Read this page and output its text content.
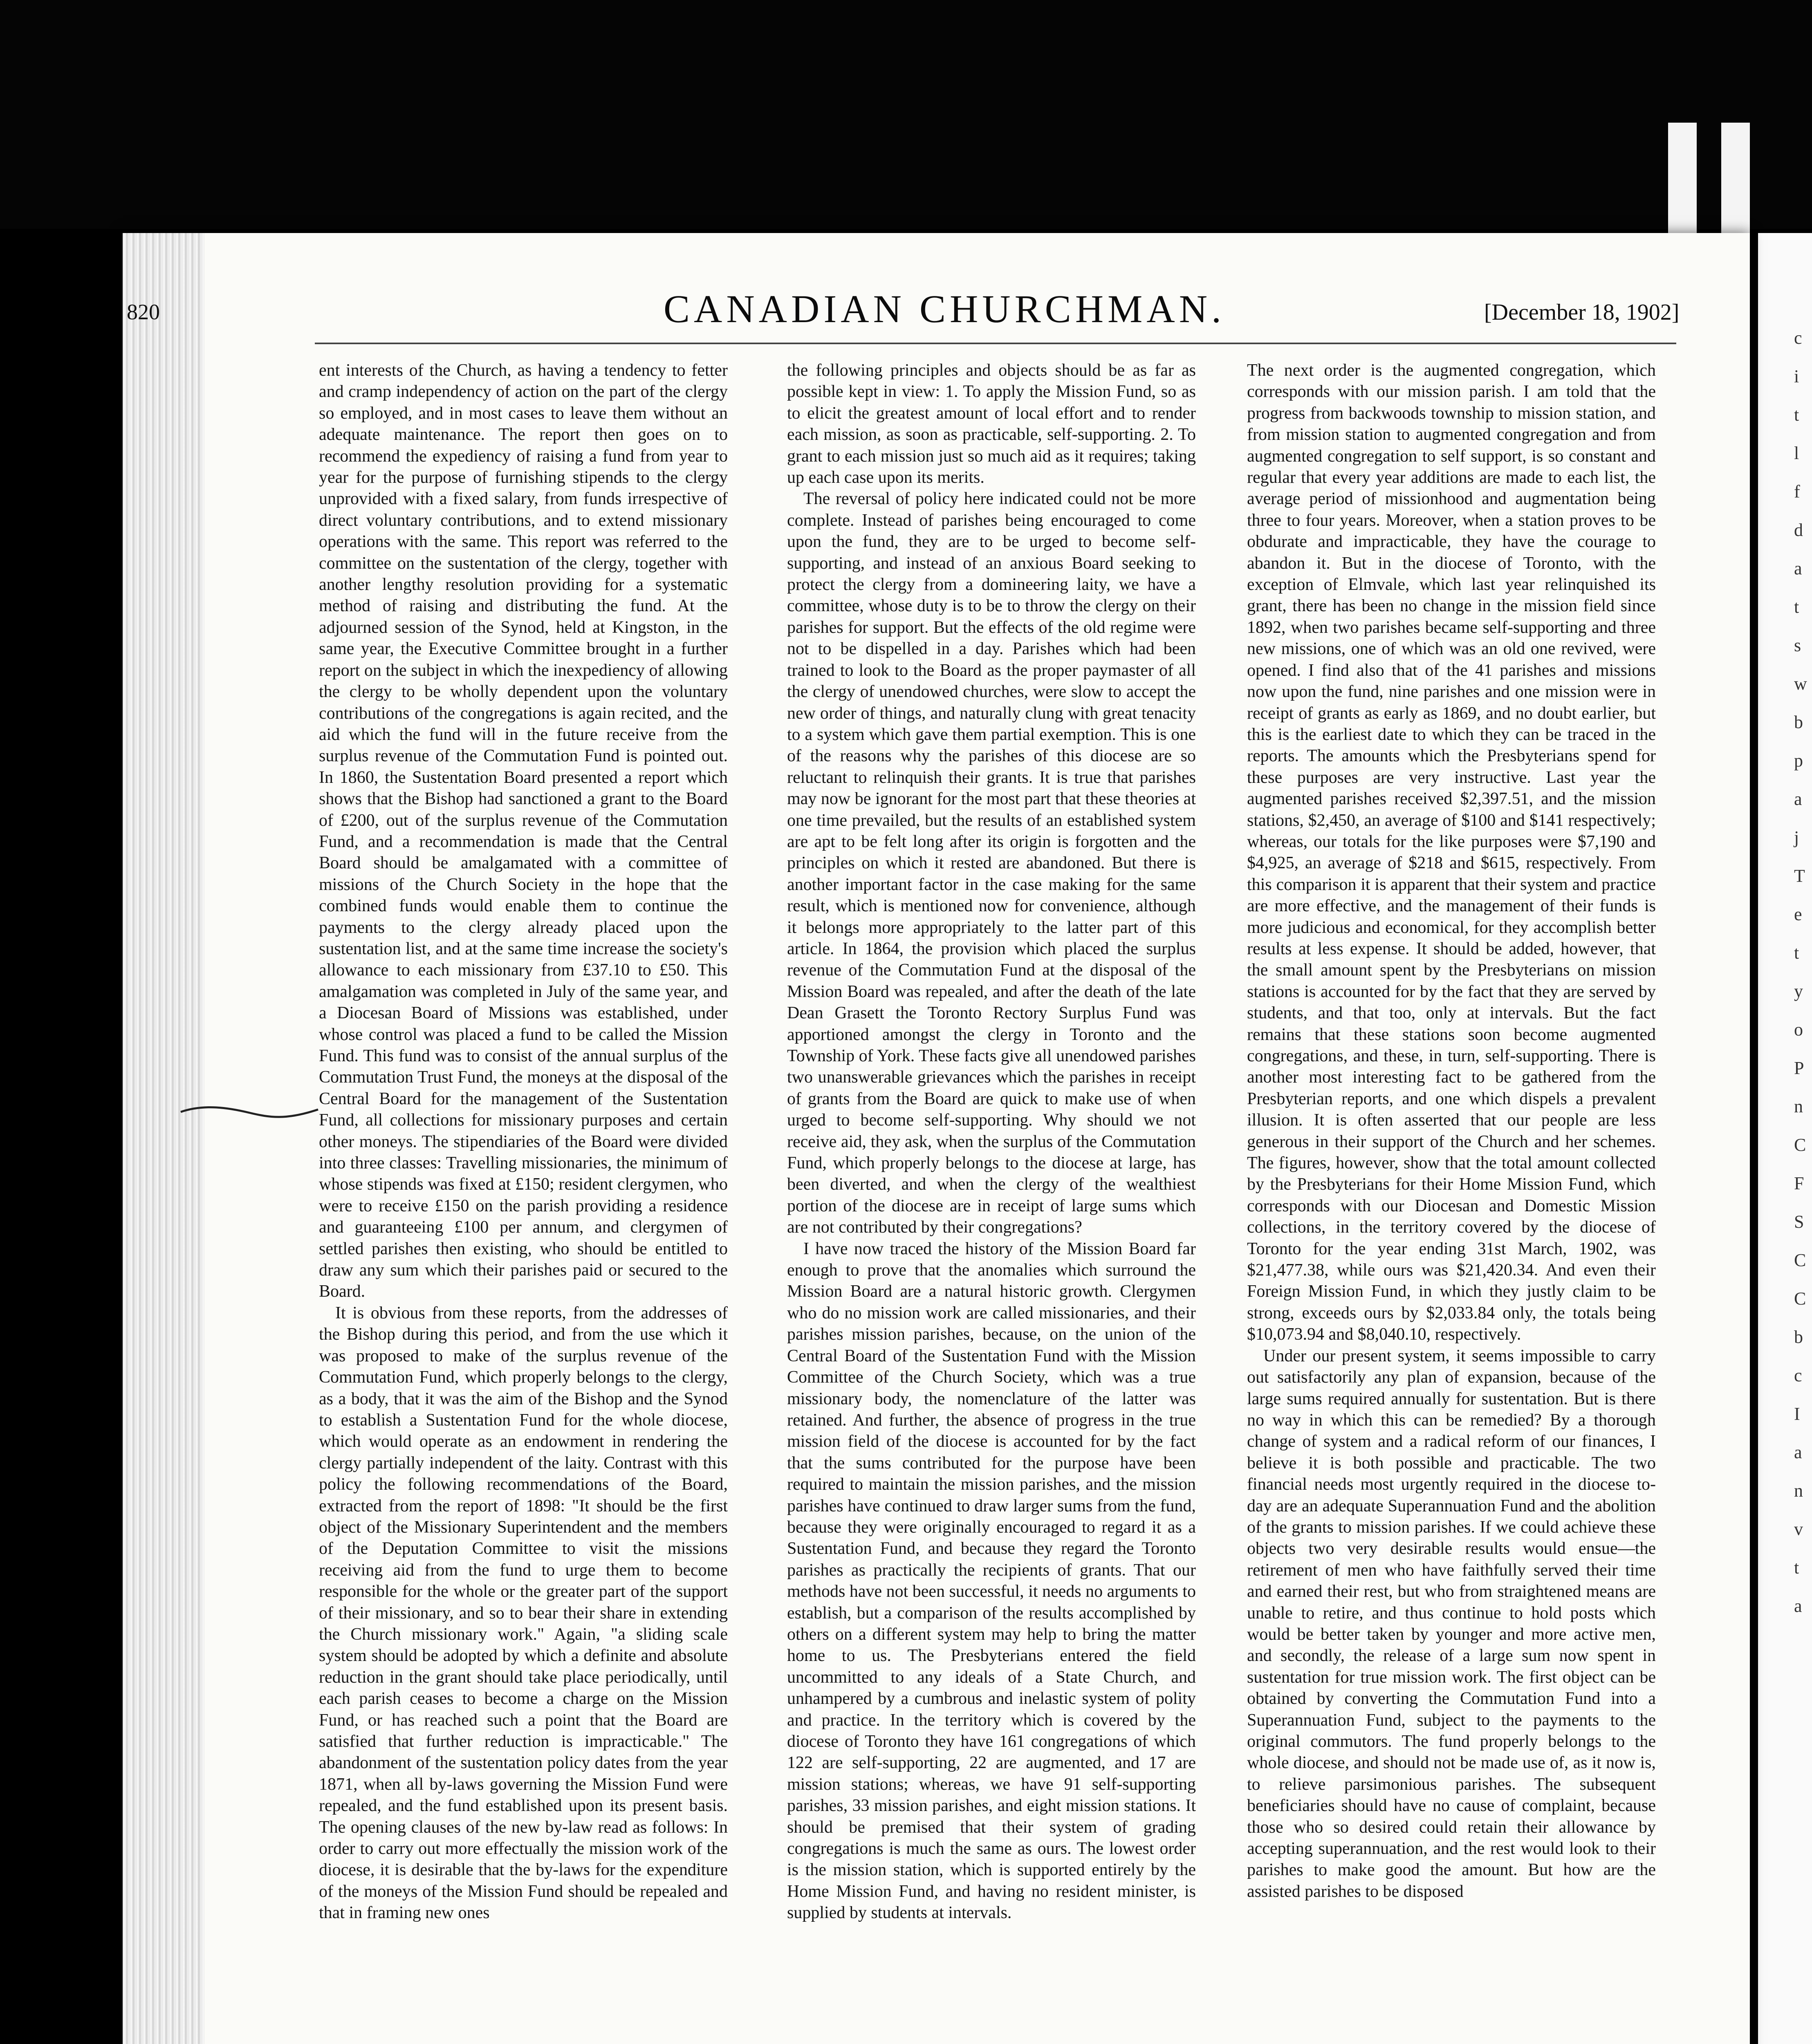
c
i
t
l
f
d
a
t
s
w
b
p
a
j
T
e
t
y
o
P
n
C
F
S
C
C
b
c
I
a
n
v
t
a
820	CANADIAN CHURCHMAN.	[December 18, 1902]

ent interests of the Church, as having a tendency to fetter and cramp independency of action on the part of the clergy so employed, and in most cases to leave them without an adequate maintenance. The report then goes on to recommend the expediency of raising a fund from year to year for the purpose of furnishing stipends to the clergy unprovided with a fixed salary, from funds irrespective of direct voluntary contributions, and to extend missionary operations with the same. This report was referred to the committee on the sustentation of the clergy, together with another lengthy resolution providing for a systematic method of raising and distributing the fund. At the adjourned session of the Synod, held at Kingston, in the same year, the Executive Committee brought in a further report on the subject in which the inexpediency of allowing the clergy to be wholly dependent upon the voluntary contributions of the congregations is again recited, and the aid which the fund will in the future receive from the surplus revenue of the Commutation Fund is pointed out. In 1860, the Sustentation Board presented a report which shows that the Bishop had sanctioned a grant to the Board of £200, out of the surplus revenue of the Commutation Fund, and a recommendation is made that the Central Board should be amalgamated with a committee of missions of the Church Society in the hope that the combined funds would enable them to continue the payments to the clergy already placed upon the sustentation list, and at the same time increase the society's allowance to each missionary from £37.10 to £50. This amalgamation was completed in July of the same year, and a Diocesan Board of Missions was established, under whose control was placed a fund to be called the Mission Fund. This fund was to consist of the annual surplus of the Commutation Trust Fund, the moneys at the disposal of the Central Board for the management of the Sustentation Fund, all collections for missionary purposes and certain other moneys. The stipendiaries of the Board were divided into three classes: Travelling missionaries, the minimum of whose stipends was fixed at £150; resident clergymen, who were to receive £150 on the parish providing a residence and guaranteeing £100 per annum, and clergymen of settled parishes then existing, who should be entitled to draw any sum which their parishes paid or secured to the Board.

It is obvious from these reports, from the addresses of the Bishop during this period, and from the use which it was proposed to make of the surplus revenue of the Commutation Fund, which properly belongs to the clergy, as a body, that it was the aim of the Bishop and the Synod to establish a Sustentation Fund for the whole diocese, which would operate as an endowment in rendering the clergy partially independent of the laity. Contrast with this policy the following recommendations of the Board, extracted from the report of 1898: "It should be the first object of the Missionary Superintendent and the members of the Deputation Committee to visit the missions receiving aid from the fund to urge them to become responsible for the whole or the greater part of the support of their missionary, and so to bear their share in extending the Church missionary work." Again, "a sliding scale system should be adopted by which a definite and absolute reduction in the grant should take place periodically, until each parish ceases to become a charge on the Mission Fund, or has reached such a point that the Board are satisfied that further reduction is impracticable." The abandonment of the sustentation policy dates from the year 1871, when all by-laws governing the Mission Fund were repealed, and the fund established upon its present basis. The opening clauses of the new by-law read as follows: In order to carry out more effectually the mission work of the diocese, it is desirable that the by-laws for the expenditure of the moneys of the Mission Fund should be repealed and that in framing new ones

the following principles and objects should be as far as possible kept in view: 1. To apply the Mission Fund, so as to elicit the greatest amount of local effort and to render each mission, as soon as practicable, self-supporting. 2. To grant to each mission just so much aid as it requires; taking up each case upon its merits.

The reversal of policy here indicated could not be more complete. Instead of parishes being encouraged to come upon the fund, they are to be urged to become self-supporting, and instead of an anxious Board seeking to protect the clergy from a domineering laity, we have a committee, whose duty is to be to throw the clergy on their parishes for support. But the effects of the old regime were not to be dispelled in a day. Parishes which had been trained to look to the Board as the proper paymaster of all the clergy of unendowed churches, were slow to accept the new order of things, and naturally clung with great tenacity to a system which gave them partial exemption. This is one of the reasons why the parishes of this diocese are so reluctant to relinquish their grants. It is true that parishes may now be ignorant for the most part that these theories at one time prevailed, but the results of an established system are apt to be felt long after its origin is forgotten and the principles on which it rested are abandoned. But there is another important factor in the case making for the same result, which is mentioned now for convenience, although it belongs more appropriately to the latter part of this article. In 1864, the provision which placed the surplus revenue of the Commutation Fund at the disposal of the Mission Board was repealed, and after the death of the late Dean Grasett the Toronto Rectory Surplus Fund was apportioned amongst the clergy in Toronto and the Township of York. These facts give all unendowed parishes two unanswerable grievances which the parishes in receipt of grants from the Board are quick to make use of when urged to become self-supporting. Why should we not receive aid, they ask, when the surplus of the Commutation Fund, which properly belongs to the diocese at large, has been diverted, and when the clergy of the wealthiest portion of the diocese are in receipt of large sums which are not contributed by their congregations?

I have now traced the history of the Mission Board far enough to prove that the anomalies which surround the Mission Board are a natural historic growth. Clergymen who do no mission work are called missionaries, and their parishes mission parishes, because, on the union of the Central Board of the Sustentation Fund with the Mission Committee of the Church Society, which was a true missionary body, the nomenclature of the latter was retained. And further, the absence of progress in the true mission field of the diocese is accounted for by the fact that the sums contributed for the purpose have been required to maintain the mission parishes, and the mission parishes have continued to draw larger sums from the fund, because they were originally encouraged to regard it as a Sustentation Fund, and because they regard the Toronto parishes as practically the recipients of grants. That our methods have not been successful, it needs no arguments to establish, but a comparison of the results accomplished by others on a different system may help to bring the matter home to us. The Presbyterians entered the field uncommitted to any ideals of a State Church, and unhampered by a cumbrous and inelastic system of polity and practice. In the territory which is covered by the diocese of Toronto they have 161 congregations of which 122 are self-supporting, 22 are augmented, and 17 are mission stations; whereas, we have 91 self-supporting parishes, 33 mission parishes, and eight mission stations. It should be premised that their system of grading congregations is much the same as ours. The lowest order is the mission station, which is supported entirely by the Home Mission Fund, and having no resident minister, is supplied by students at intervals.

The next order is the augmented congregation, which corresponds with our mission parish. I am told that the progress from backwoods township to mission station, and from mission station to augmented congregation and from augmented congregation to self support, is so constant and regular that every year additions are made to each list, the average period of missionhood and augmentation being three to four years. Moreover, when a station proves to be obdurate and impracticable, they have the courage to abandon it. But in the diocese of Toronto, with the exception of Elmvale, which last year relinquished its grant, there has been no change in the mission field since 1892, when two parishes became self-supporting and three new missions, one of which was an old one revived, were opened. I find also that of the 41 parishes and missions now upon the fund, nine parishes and one mission were in receipt of grants as early as 1869, and no doubt earlier, but this is the earliest date to which they can be traced in the reports. The amounts which the Presbyterians spend for these purposes are very instructive. Last year the augmented parishes received $2,397.51, and the mission stations, $2,450, an average of $100 and $141 respectively; whereas, our totals for the like purposes were $7,190 and $4,925, an average of $218 and $615, respectively. From this comparison it is apparent that their system and practice are more effective, and the management of their funds is more judicious and economical, for they accomplish better results at less expense. It should be added, however, that the small amount spent by the Presbyterians on mission stations is accounted for by the fact that they are served by students, and that too, only at intervals. But the fact remains that these stations soon become augmented congregations, and these, in turn, self-supporting. There is another most interesting fact to be gathered from the Presbyterian reports, and one which dispels a prevalent illusion. It is often asserted that our people are less generous in their support of the Church and her schemes. The figures, however, show that the total amount collected by the Presbyterians for their Home Mission Fund, which corresponds with our Diocesan and Domestic Mission collections, in the territory covered by the diocese of Toronto for the year ending 31st March, 1902, was $21,477.38, while ours was $21,420.34. And even their Foreign Mission Fund, in which they justly claim to be strong, exceeds ours by $2,033.84 only, the totals being $10,073.94 and $8,040.10, respectively.

Under our present system, it seems impossible to carry out satisfactorily any plan of expansion, because of the large sums required annually for sustentation. But is there no way in which this can be remedied? By a thorough change of system and a radical reform of our finances, I believe it is both possible and practicable. The two financial needs most urgently required in the diocese to-day are an adequate Superannuation Fund and the abolition of the grants to mission parishes. If we could achieve these objects two very desirable results would ensue—the retirement of men who have faithfully served their time and earned their rest, but who from straightened means are unable to retire, and thus continue to hold posts which would be better taken by younger and more active men, and secondly, the release of a large sum now spent in sustentation for true mission work. The first object can be obtained by converting the Commutation Fund into a Superannuation Fund, subject to the payments to the original commutors. The fund properly belongs to the whole diocese, and should not be made use of, as it now is, to relieve parsimonious parishes. The subsequent beneficiaries should have no cause of complaint, because those who so desired could retain their allowance by accepting superannuation, and the rest would look to their parishes to make good the amount. But how are the assisted parishes to be disposed
